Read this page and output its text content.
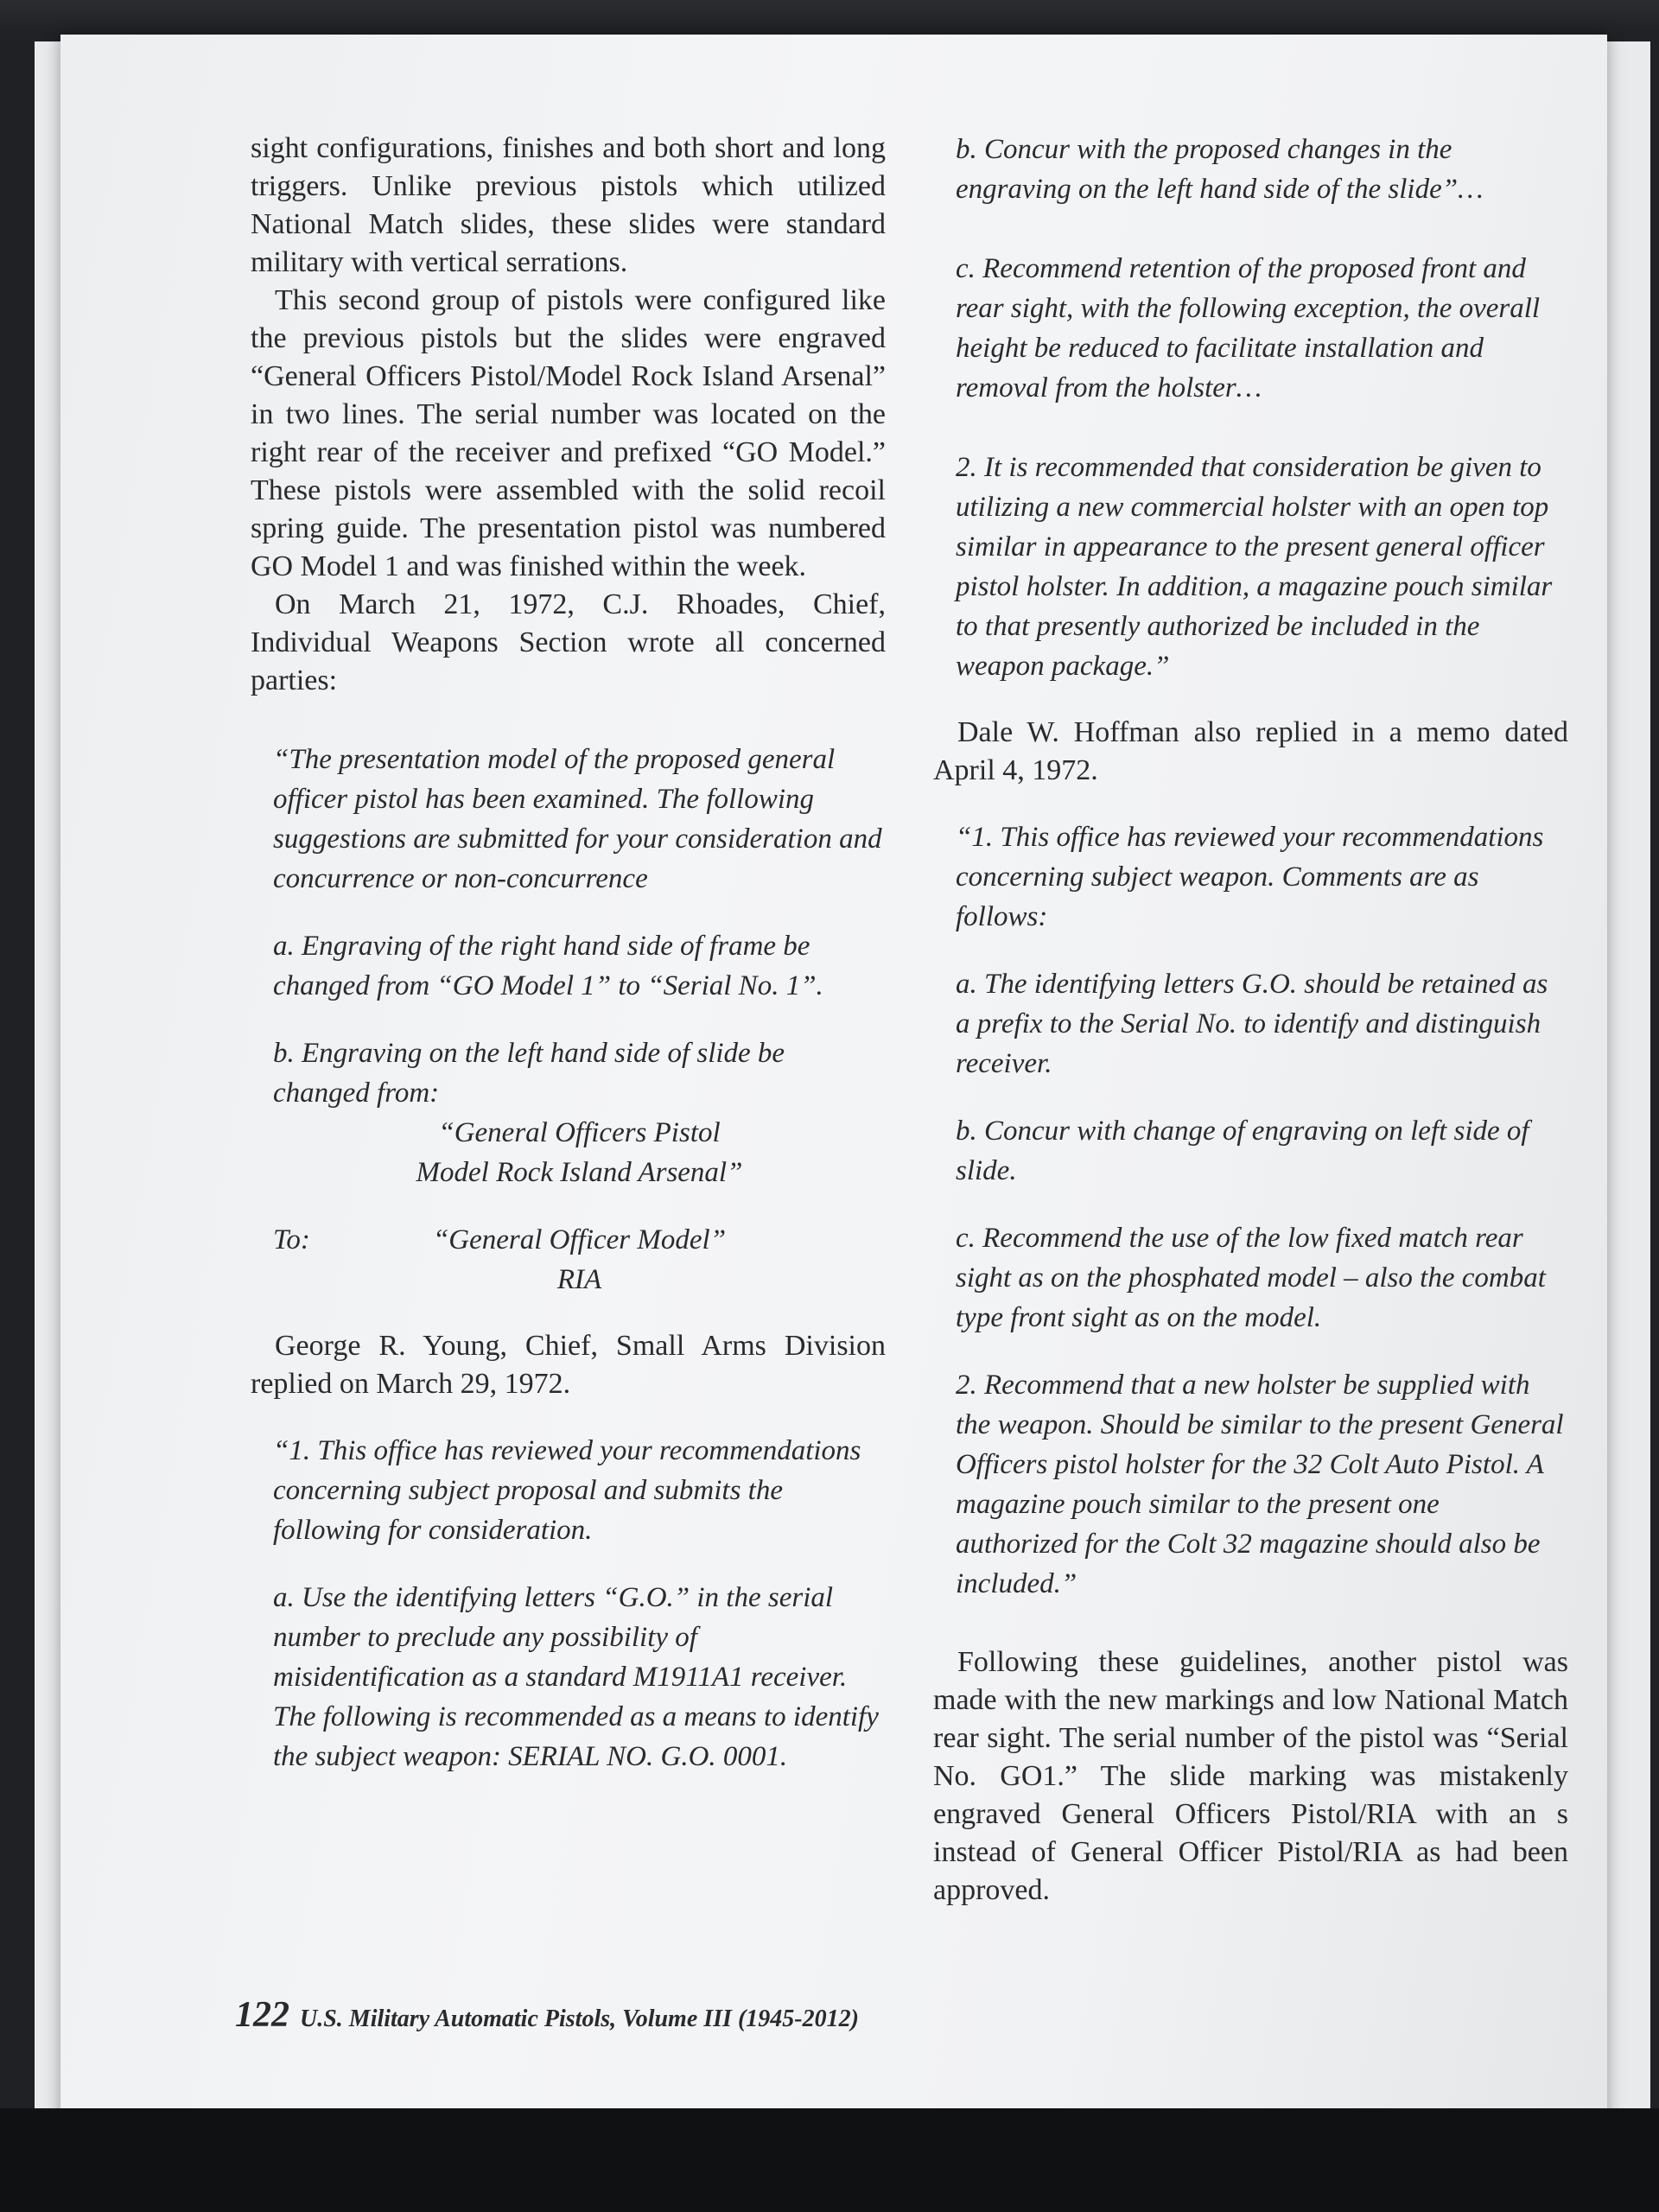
sight configurations, finishes and both short and long triggers. Unlike previous pistols which utilized National Match slides, these slides were standard military with vertical serrations.

This second group of pistols were configured like the previous pistols but the slides were engraved “General Officers Pistol/Model Rock Island Arsenal” in two lines. The serial number was located on the right rear of the receiver and prefixed “GO Model.” These pistols were assembled with the solid recoil spring guide. The presentation pistol was numbered GO Model 1 and was finished within the week.

On March 21, 1972, C.J. Rhoades, Chief, Individual Weapons Section wrote all concerned parties:

“The presentation model of the proposed general officer pistol has been examined. The following suggestions are submitted for your consideration and concurrence or non-concurrence

a. Engraving of the right hand side of frame be changed from “GO Model 1” to “Serial No. 1”.

b. Engraving on the left hand side of slide be changed from:

“General Officers Pistol

Model Rock Island Arsenal”

To:	“General Officer Model”

RIA

George R. Young, Chief, Small Arms Division replied on March 29, 1972.

“1. This office has reviewed your recommendations concerning subject proposal and submits the following for consideration.

a. Use the identifying letters “G.O.” in the serial number to preclude any possibility of misidentification as a standard M1911A1 receiver. The following is recommended as a means to identify the subject weapon: SERIAL NO. G.O. 0001.

b. Concur with the proposed changes in the engraving on the left hand side of the slide”…

c. Recommend retention of the proposed front and rear sight, with the following exception, the overall height be reduced to facilitate installation and removal from the holster…

2. It is recommended that consideration be given to utilizing a new commercial holster with an open top similar in appearance to the present general officer pistol holster. In addition, a magazine pouch similar to that presently authorized be included in the weapon package.”

Dale W. Hoffman also replied in a memo dated April 4, 1972.

“1. This office has reviewed your recommendations concerning subject weapon. Comments are as follows:

a. The identifying letters G.O. should be retained as a prefix to the Serial No. to identify and distinguish receiver.

b. Concur with change of engraving on left side of slide.

c. Recommend the use of the low fixed match rear sight as on the phosphated model – also the combat type front sight as on the model.

2. Recommend that a new holster be supplied with the weapon. Should be similar to the present General Officers pistol holster for the 32 Colt Auto Pistol. A magazine pouch similar to the present one authorized for the Colt 32 magazine should also be included.”

Following these guidelines, another pistol was made with the new markings and low National Match rear sight. The serial number of the pistol was “Serial No. GO1.” The slide marking was mistakenly engraved General Officers Pistol/RIA with an s instead of General Officer Pistol/RIA as had been approved.

122 U.S. Military Automatic Pistols, Volume III (1945-2012)
